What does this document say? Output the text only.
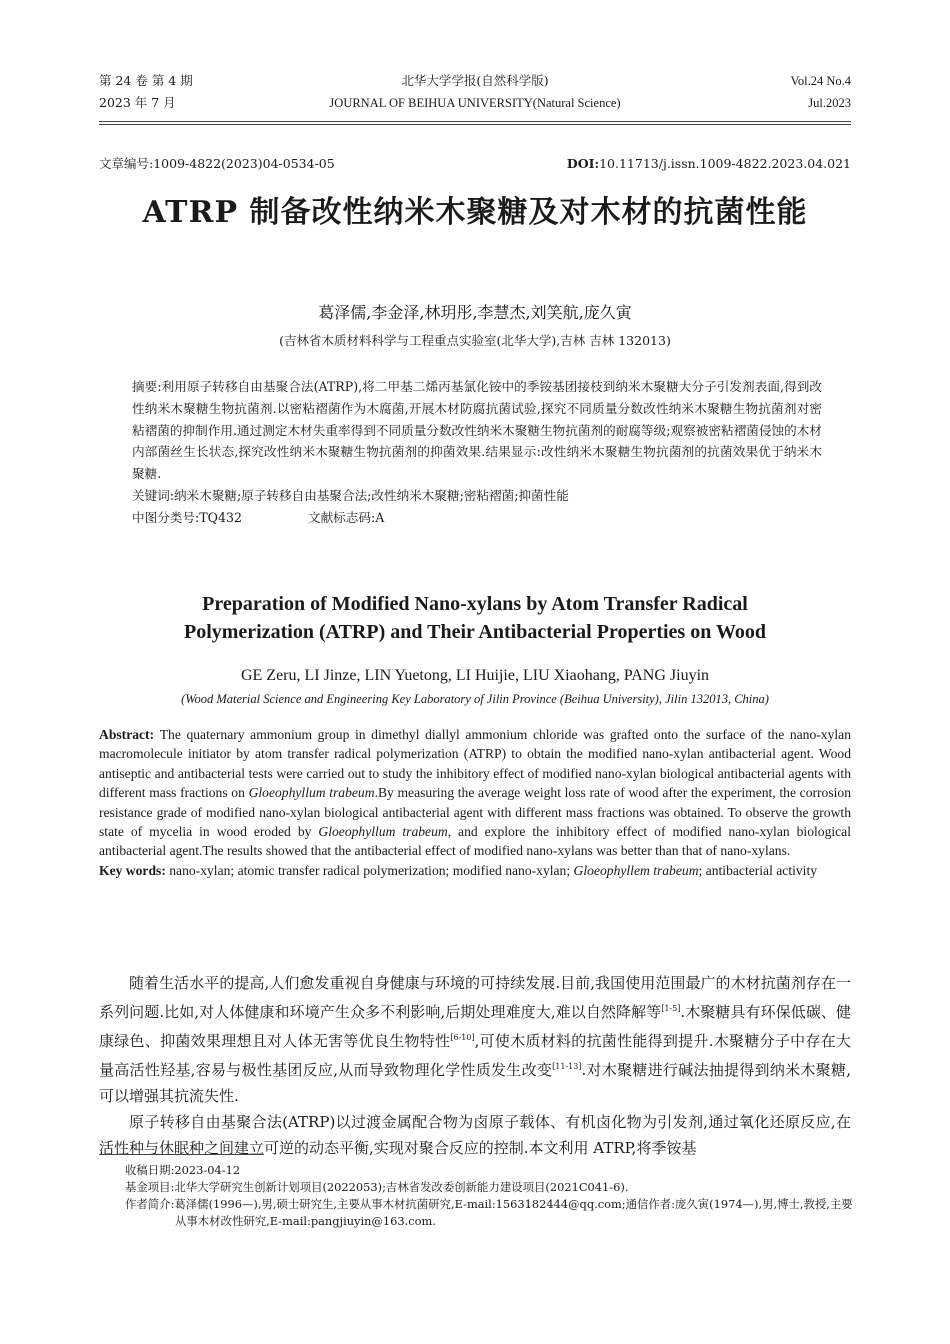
第 24 卷 第 4 期
2023 年 7 月
北华大学学报(自然科学版)
JOURNAL OF BEIHUA UNIVERSITY(Natural Science)
Vol.24 No.4
Jul.2023
文章编号:1009-4822(2023)04-0534-05	DOI:10.11713/j.issn.1009-4822.2023.04.021
ATRP 制备改性纳米木聚糖及对木材的抗菌性能
葛泽儒,李金泽,林玥彤,李慧杰,刘笑航,庞久寅
(吉林省木质材料科学与工程重点实验室(北华大学),吉林 吉林 132013)

摘要:利用原子转移自由基聚合法(ATRP),将二甲基二烯丙基氯化铵中的季铵基团接枝到纳米木聚糖大分子引发剂表面,得到改性纳米木聚糖生物抗菌剂.以密粘褶菌作为木腐菌,开展木材防腐抗菌试验,探究不同质量分数改性纳米木聚糖生物抗菌剂对密粘褶菌的抑制作用.通过测定木材失重率得到不同质量分数改性纳米木聚糖生物抗菌剂的耐腐等级;观察被密粘褶菌侵蚀的木材内部菌丝生长状态,探究改性纳米木聚糖生物抗菌剂的抑菌效果.结果显示:改性纳米木聚糖生物抗菌剂的抗菌效果优于纳米木聚糖.

关键词:纳米木聚糖;原子转移自由基聚合法;改性纳米木聚糖;密粘褶菌;抑菌性能

中图分类号:TQ432	文献标志码:A

Preparation of Modified Nano-xylans by Atom Transfer Radical
Polymerization (ATRP) and Their Antibacterial Properties on Wood
GE Zeru, LI Jinze, LIN Yuetong, LI Huijie, LIU Xiaohang, PANG Jiuyin
(Wood Material Science and Engineering Key Laboratory of Jilin Province (Beihua University), Jilin 132013, China)

Abstract: The quaternary ammonium group in dimethyl diallyl ammonium chloride was grafted onto the surface of the nano-xylan macromolecule initiator by atom transfer radical polymerization (ATRP) to obtain the modified nano-xylan antibacterial agent. Wood antiseptic and antibacterial tests were carried out to study the inhibitory effect of modified nano-xylan biological antibacterial agents with different mass fractions on Gloeophyllum trabeum.By measuring the average weight loss rate of wood after the experiment, the corrosion resistance grade of modified nano-xylan biological antibacterial agent with different mass fractions was obtained. To observe the growth state of mycelia in wood eroded by Gloeophyllum trabeum, and explore the inhibitory effect of modified nano-xylan biological antibacterial agent.The results showed that the antibacterial effect of modified nano-xylans was better than that of nano-xylans.

Key words: nano-xylan; atomic transfer radical polymerization; modified nano-xylan; Gloeophyllem trabeum; antibacterial activity

随着生活水平的提高,人们愈发重视自身健康与环境的可持续发展.目前,我国使用范围最广的木材抗菌剂存在一系列问题.比如,对人体健康和环境产生众多不利影响,后期处理难度大,难以自然降解等[1-5].木聚糖具有环保低碳、健康绿色、抑菌效果理想且对人体无害等优良生物特性[6-10],可使木质材料的抗菌性能得到提升.木聚糖分子中存在大量高活性羟基,容易与极性基团反应,从而导致物理化学性质发生改变[11-13].对木聚糖进行碱法抽提得到纳米木聚糖,可以增强其抗流失性.

原子转移自由基聚合法(ATRP)以过渡金属配合物为卤原子载体、有机卤化物为引发剂,通过氧化还原反应,在活性种与休眠种之间建立可逆的动态平衡,实现对聚合反应的控制.本文利用 ATRP,将季铵基

收稿日期:2023-04-12

基金项目:北华大学研究生创新计划项目(2022053);吉林省发改委创新能力建设项目(2021C041-6).

作者简介:葛泽儒(1996—),男,硕士研究生,主要从事木材抗菌研究,E-mail:1563182444@qq.com;通信作者:庞久寅(1974—),男,博士,教授,主要从事木材改性研究,E-mail:pangjiuyin@163.com.
